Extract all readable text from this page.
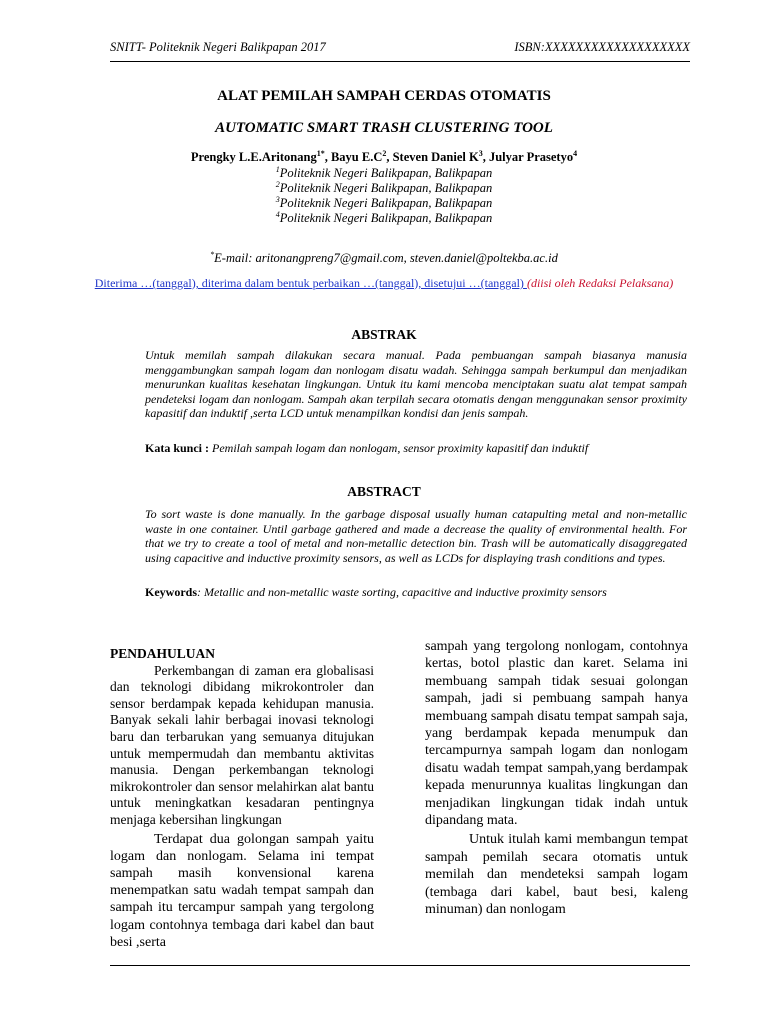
SNITT- Politeknik Negeri Balikpapan 2017	ISBN:XXXXXXXXXXXXXXXXXXX
ALAT PEMILAH SAMPAH CERDAS OTOMATIS
AUTOMATIC SMART TRASH CLUSTERING TOOL
Prengky L.E.Aritonang$^{1*}$, Bayu $E.C^2$, Steven Daniel $K^3$, Julyar Prasetyo$^4$
$^1$Politeknik Negeri Balikpapan, Balikpapan
$^2$Politeknik Negeri Balikpapan, Balikpapan
$^3$Politeknik Negeri Balikpapan, Balikpapan
$^4$Politeknik Negeri Balikpapan, Balikpapan
*E-mail: aritonangpreng7@gmail.com, steven.daniel@poltekba.ac.id
Diterima …(tanggal), diterima dalam bentuk perbaikan …(tanggal), disetujui …(tanggal) (diisi oleh Redaksi Pelaksana)
ABSTRAK
Untuk memilah sampah dilakukan secara manual. Pada pembuangan sampah biasanya manusia menggambungkan sampah logam dan nonlogam disatu wadah. Sehingga sampah berkumpul dan menjadikan menurunkan kualitas kesehatan lingkungan. Untuk itu kami mencoba menciptakan suatu alat tempat sampah pendeteksi logam dan nonlogam. Sampah akan terpilah secara otomatis dengan menggunakan sensor proximity kapasitif dan induktif ,serta LCD untuk menampilkan kondisi dan jenis sampah.
Kata kunci : Pemilah sampah logam dan nonlogam, sensor proximity kapasitif dan induktif
ABSTRACT
To sort waste is done manually. In the garbage disposal usually human catapulting metal and non-metallic waste in one container. Until garbage gathered and made a decrease the quality of environmental health. For that we try to create a tool of metal and non-metallic detection bin. Trash will be automatically disaggregated using capacitive and inductive proximity sensors, as well as LCDs for displaying trash conditions and types.
Keywords: Metallic and non-metallic waste sorting, capacitive and inductive proximity sensors

PENDAHULUAN

Perkembangan di zaman era globalisasi dan teknologi dibidang mikrokontroler dan sensor berdampak kepada kehidupan manusia. Banyak sekali lahir berbagai inovasi teknologi baru dan terbarukan yang semuanya ditujukan untuk mempermudah dan membantu aktivitas manusia. Dengan perkembangan teknologi mikrokontroler dan sensor melahirkan alat bantu untuk meningkatkan kesadaran pentingnya menjaga kebersihan lingkungan

Terdapat dua golongan sampah yaitu logam dan nonlogam. Selama ini tempat sampah masih konvensional karena menempatkan satu wadah tempat sampah dan sampah itu tercampur sampah yang tergolong logam contohnya tembaga dari kabel dan baut besi ,serta

sampah yang tergolong nonlogam, contohnya kertas, botol plastic dan karet. Selama ini membuang sampah tidak sesuai golongan sampah, jadi si pembuang sampah hanya membuang sampah disatu tempat sampah saja, yang berdampak kepada menumpuk dan tercampurnya sampah logam dan nonlogam disatu wadah tempat sampah,yang berdampak kepada menurunnya kualitas lingkungan dan menjadikan lingkungan tidak indah untuk dipandang mata.

Untuk itulah kami membangun tempat sampah pemilah secara otomatis untuk memilah dan mendeteksi sampah logam (tembaga dari kabel, baut besi, kaleng minuman) dan nonlogam
